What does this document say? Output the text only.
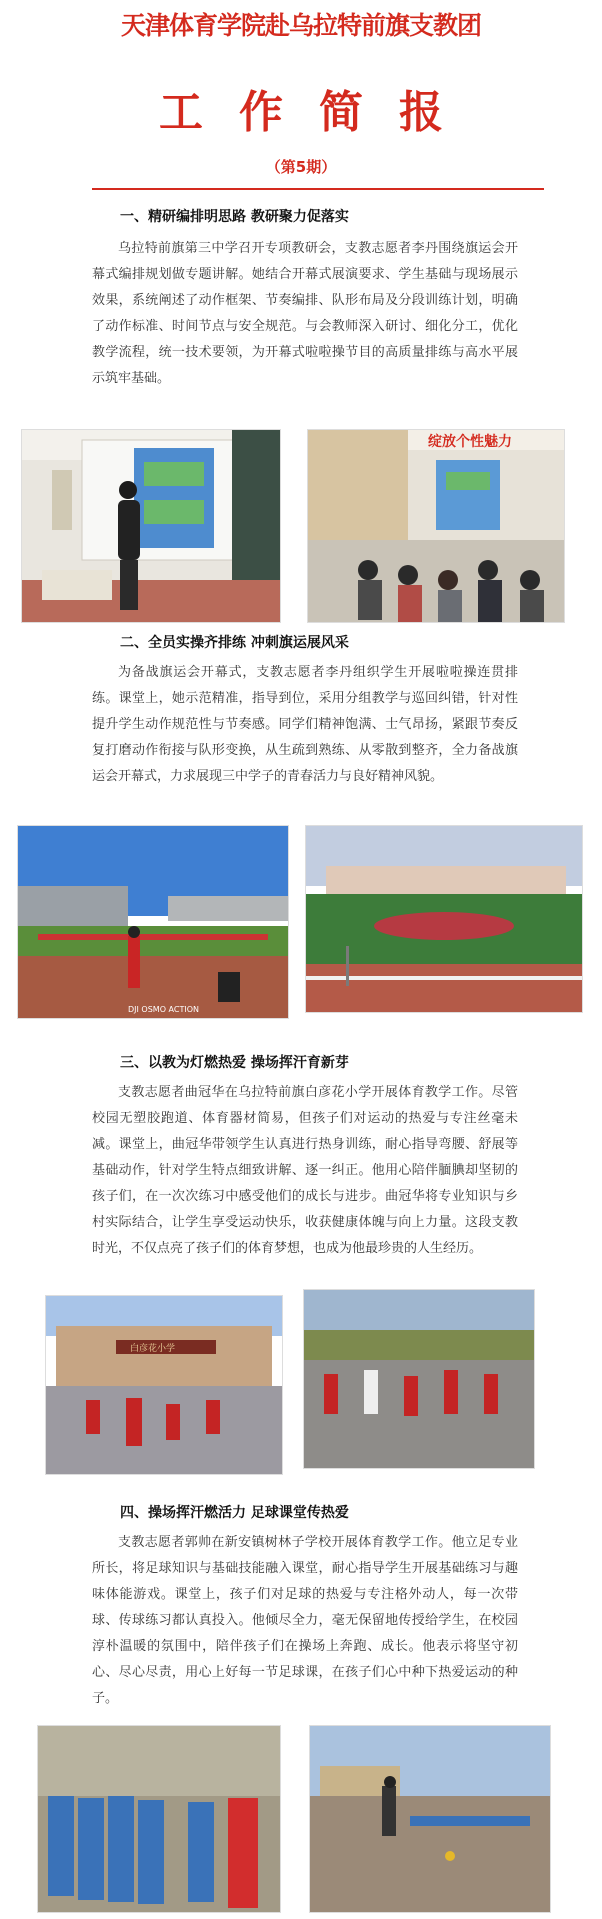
天津体育学院赴乌拉特前旗支教团
工作简报
（第5期）
一、精研编排明思路 教研聚力促落实
乌拉特前旗第三中学召开专项教研会，支教志愿者李丹围绕旗运会开幕式编排规划做专题讲解。她结合开幕式展演要求、学生基础与现场展示效果，系统阐述了动作框架、节奏编排、队形布局及分段训练计划，明确了动作标准、时间节点与安全规范。与会教师深入研讨、细化分工，优化教学流程，统一技术要领，为开幕式啦啦操节目的高质量排练与高水平展示筑牢基础。
绽放个性魅力
二、全员实操齐排练 冲刺旗运展风采
为备战旗运会开幕式，支教志愿者李丹组织学生开展啦啦操连贯排练。课堂上，她示范精准，指导到位，采用分组教学与巡回纠错，针对性提升学生动作规范性与节奏感。同学们精神饱满、士气昂扬，紧跟节奏反复打磨动作衔接与队形变换，从生疏到熟练、从零散到整齐，全力备战旗运会开幕式，力求展现三中学子的青春活力与良好精神风貌。
DJI OSMO ACTION
三、以教为灯燃热爱 操场挥汗育新芽
支教志愿者曲冠华在乌拉特前旗白彦花小学开展体育教学工作。尽管校园无塑胶跑道、体育器材简易，但孩子们对运动的热爱与专注丝毫未减。课堂上，曲冠华带领学生认真进行热身训练，耐心指导弯腰、舒展等基础动作，针对学生特点细致讲解、逐一纠正。他用心陪伴腼腆却坚韧的孩子们，在一次次练习中感受他们的成长与进步。曲冠华将专业知识与乡村实际结合，让学生享受运动快乐，收获健康体魄与向上力量。这段支教时光，不仅点亮了孩子们的体育梦想，也成为他最珍贵的人生经历。
白彦花小学
四、操场挥汗燃活力 足球课堂传热爱
支教志愿者郭帅在新安镇树林子学校开展体育教学工作。他立足专业所长，将足球知识与基础技能融入课堂，耐心指导学生开展基础练习与趣味体能游戏。课堂上，孩子们对足球的热爱与专注格外动人，每一次带球、传球练习都认真投入。他倾尽全力，毫无保留地传授给学生，在校园淳朴温暖的氛围中，陪伴孩子们在操场上奔跑、成长。他表示将坚守初心、尽心尽责，用心上好每一节足球课，在孩子们心中种下热爱运动的种子。
